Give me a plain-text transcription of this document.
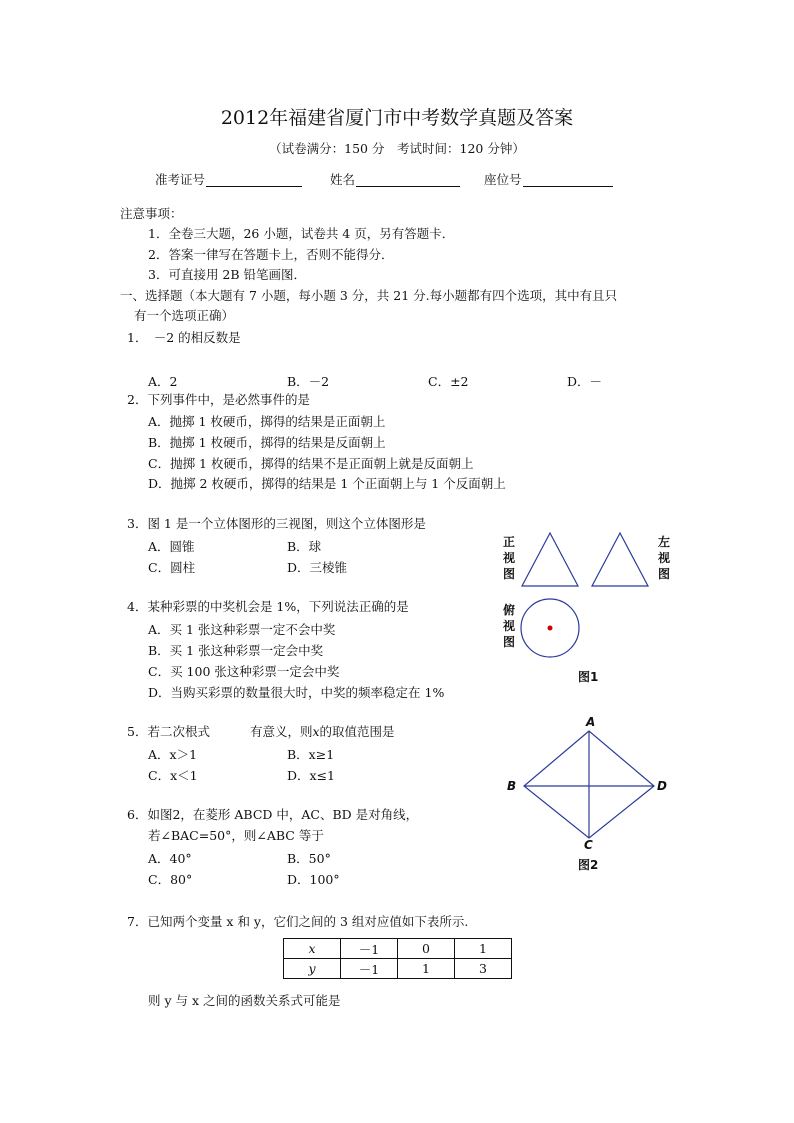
2012年福建省厦门市中考数学真题及答案
（试卷满分：150 分　考试时间：120 分钟）
准考证号	姓名	座位号
注意事项：
1．全卷三大题，26 小题，试卷共 4 页，另有答题卡．
2．答案一律写在答题卡上，否则不能得分．
3．可直接用 2B 铅笔画图．
一、选择题（本大题有 7 小题，每小题 3 分，共 21 分.每小题都有四个选项，其中有且只
有一个选项正确）
1．　－2 的相反数是
A．2	B．－2	C．±2	D．－
2．下列事件中，是必然事件的是
A．抛掷 1 枚硬币，掷得的结果是正面朝上
B．抛掷 1 枚硬币，掷得的结果是反面朝上
C．抛掷 1 枚硬币，掷得的结果不是正面朝上就是反面朝上
D．抛掷 2 枚硬币，掷得的结果是 1 个正面朝上与 1 个反面朝上
3．图 1 是一个立体图形的三视图，则这个立体图形是
A．圆锥	B．球
C．圆柱	D．三棱锥
4．某种彩票的中奖机会是 1%，下列说法正确的是
A．买 1 张这种彩票一定不会中奖
B．买 1 张这种彩票一定会中奖
C．买 100 张这种彩票一定会中奖
D．当购买彩票的数量很大时，中奖的频率稳定在 1%
5．若二次根式	有意义，则x的取值范围是
A．x＞1	B．x≥1
C．x＜1	D．x≤1
6．如图2，在菱形 ABCD 中，AC、BD 是对角线，
若∠BAC=50°，则∠ABC 等于
A．40°	B．50°
C．80°	D．100°
7．已知两个变量 x 和 y，它们之间的 3 组对应值如下表所示.
x	－1	0	1
y	－1	1	3
则 y 与 x 之间的函数关系式可能是
正视图
左视图
俯视图
图1
A
B
C
D
图2
